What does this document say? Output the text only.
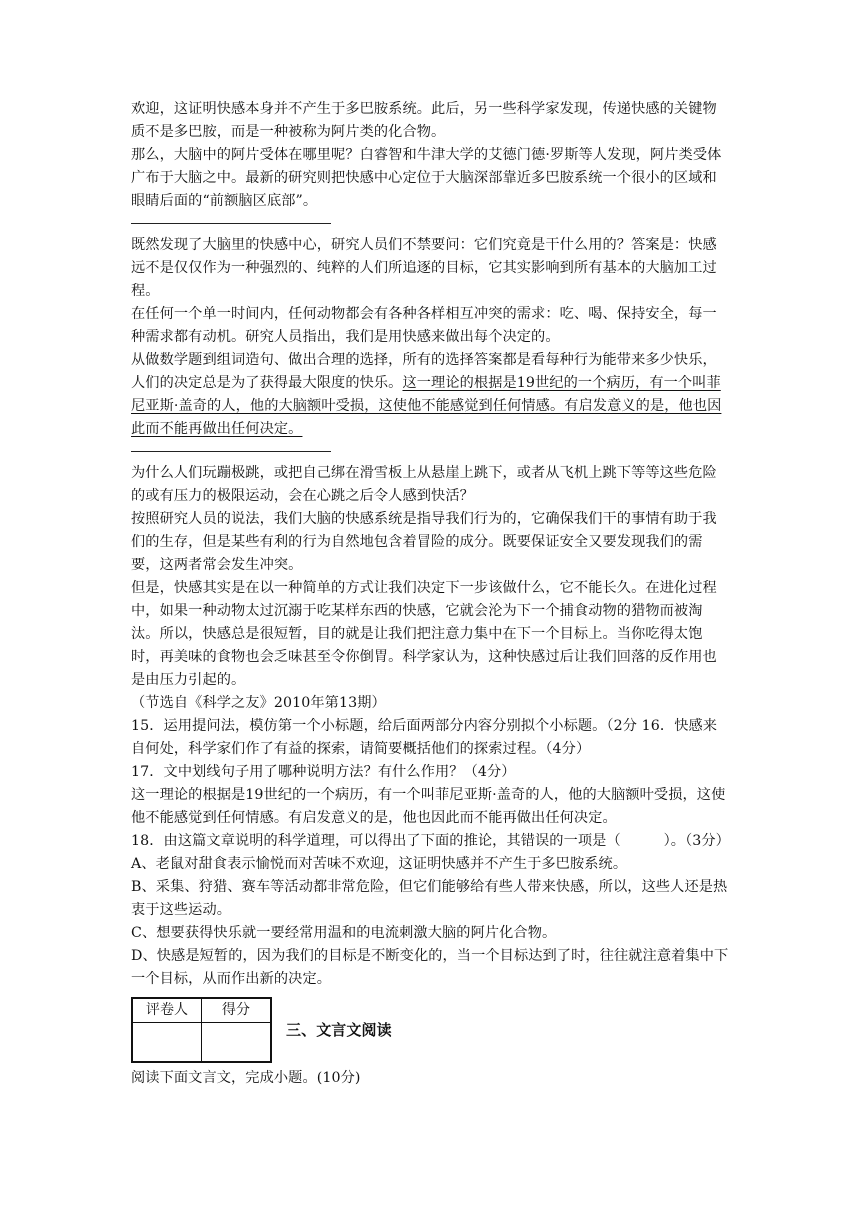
欢迎，这证明快感本身并不产生于多巴胺系统。此后，另一些科学家发现，传递快感的关键物质不是多巴胺，而是一种被称为阿片类的化合物。

那么，大脑中的阿片受体在哪里呢？白睿智和牛津大学的艾德门德·罗斯等人发现，阿片类受体广布于大脑之中。最新的研究则把快感中心定位于大脑深部靠近多巴胺系统一个很小的区域和眼睛后面的“前额脑区底部”。

既然发现了大脑里的快感中心，研究人员们不禁要问：它们究竟是干什么用的？答案是：快感远不是仅仅作为一种强烈的、纯粹的人们所追逐的目标，它其实影响到所有基本的大脑加工过程。

在任何一个单一时间内，任何动物都会有各种各样相互冲突的需求：吃、喝、保持安全，每一种需求都有动机。研究人员指出，我们是用快感来做出每个决定的。

从做数学题到组词造句、做出合理的选择，所有的选择答案都是看每种行为能带来多少快乐，人们的决定总是为了获得最大限度的快乐。这一理论的根据是19世纪的一个病历，有一个叫菲尼亚斯·盖奇的人，他的大脑额叶受损，这使他不能感觉到任何情感。有启发意义的是，他也因此而不能再做出任何决定。

为什么人们玩蹦极跳，或把自己绑在滑雪板上从悬崖上跳下，或者从飞机上跳下等等这些危险的或有压力的极限运动，会在心跳之后令人感到快活？

按照研究人员的说法，我们大脑的快感系统是指导我们行为的，它确保我们干的事情有助于我们的生存，但是某些有利的行为自然地包含着冒险的成分。既要保证安全又要发现我们的需要，这两者常会发生冲突。

但是，快感其实是在以一种简单的方式让我们决定下一步该做什么，它不能长久。在进化过程中，如果一种动物太过沉溺于吃某样东西的快感，它就会沦为下一个捕食动物的猎物而被淘汰。所以，快感总是很短暂，目的就是让我们把注意力集中在下一个目标上。当你吃得太饱时，再美味的食物也会乏味甚至令你倒胃。科学家认为，这种快感过后让我们回落的反作用也是由压力引起的。

（节选自《科学之友》2010年第13期）

15．运用提问法，模仿第一个小标题，给后面两部分内容分别拟个小标题。（2分 16．快感来自何处，科学家们作了有益的探索，请简要概括他们的探索过程。（4分）

17．文中划线句子用了哪种说明方法？有什么作用？（4分）

这一理论的根据是19世纪的一个病历，有一个叫菲尼亚斯·盖奇的人，他的大脑额叶受损，这使他不能感觉到任何情感。有启发意义的是，他也因此而不能再做出任何决定。

18．由这篇文章说明的科学道理，可以得出了下面的推论，其错误的一项是（　　　）。（3分）

A、老鼠对甜食表示愉悦而对苦味不欢迎，这证明快感并不产生于多巴胺系统。

B、采集、狩猎、赛车等活动都非常危险，但它们能够给有些人带来快感，所以，这些人还是热衷于这些运动。

C、想要获得快乐就一要经常用温和的电流刺激大脑的阿片化合物。

D、快感是短暂的，因为我们的目标是不断变化的，当一个目标达到了时，往往就注意着集中下一个目标，从而作出新的决定。

评卷人	得分

三、文言文阅读

阅读下面文言文，完成小题。(10分)
